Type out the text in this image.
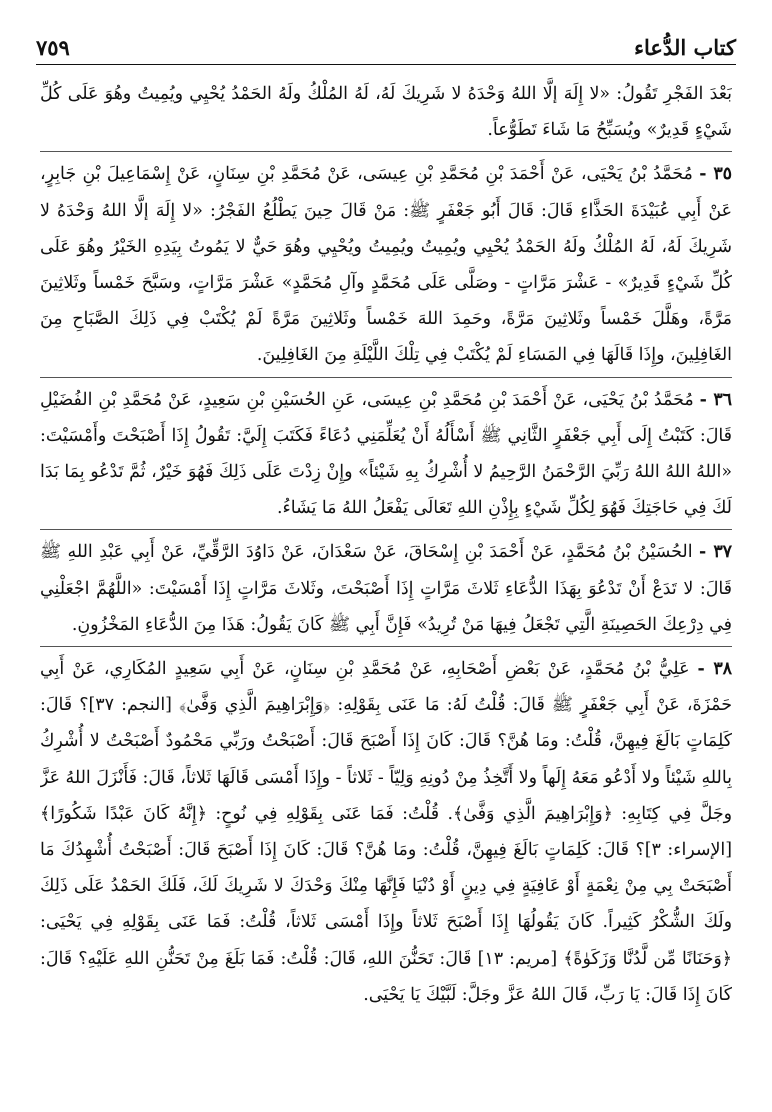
كتاب الدُّعاء
٧٥٩

بَعْدَ الفَجْرِ تَقُولُ: «لا إِلَهَ إلَّا اللهُ وَحْدَهُ لا شَرِيكَ لَهُ، لَهُ المُلْكُ ولَهُ الحَمْدُ يُحْيِي ويُمِيتُ وهُوَ عَلَى كُلِّ شَيْءٍ قَدِيرٌ» ويُسَبِّحُ مَا شَاءَ تَطَوُّعاً.

٣٥ - مُحَمَّدُ بْنُ يَحْيَى، عَنْ أَحْمَدَ بْنِ مُحَمَّدِ بْنِ عِيسَى، عَنْ مُحَمَّدِ بْنِ سِنَانٍ، عَنْ إِسْمَاعِيلَ بْنِ جَابِرٍ، عَنْ أَبِي عُبَيْدَةَ الحَذَّاءِ قَالَ: قَالَ أَبُو جَعْفَرٍ ﷺ: مَنْ قَالَ حِينَ يَطْلُعُ الفَجْرُ: «لا إِلَهَ إلَّا اللهُ وَحْدَهُ لا شَرِيكَ لَهُ، لَهُ المُلْكُ ولَهُ الحَمْدُ يُحْيِي ويُمِيتُ ويُمِيتُ ويُحْيِي وهُوَ حَيٌّ لا يَمُوتُ بِيَدِهِ الخَيْرُ وهُوَ عَلَى كُلِّ شَيْءٍ قَدِيرٌ» - عَشْرَ مَرَّاتٍ - وصَلَّى عَلَى مُحَمَّدٍ وآلِ مُحَمَّدٍ» عَشْرَ مَرَّاتٍ، وسَبَّحَ خَمْساً وثَلاثِينَ مَرَّةً، وهَلَّلَ خَمْساً وثَلاثِينَ مَرَّةً، وحَمِدَ اللهَ خَمْساً وثَلاثِينَ مَرَّةً لَمْ يُكْتَبْ فِي ذَلِكَ الصَّبَاحِ مِنَ الغَافِلِينَ، وإِذَا قَالَهَا فِي المَسَاءِ لَمْ يُكْتَبْ فِي تِلْكَ اللَّيْلَةِ مِنَ الغَافِلِينَ.

٣٦ - مُحَمَّدُ بْنُ يَحْيَى، عَنْ أَحْمَدَ بْنِ مُحَمَّدِ بْنِ عِيسَى، عَنِ الحُسَيْنِ بْنِ سَعِيدٍ، عَنْ مُحَمَّدِ بْنِ الفُضَيْلِ قَالَ: كَتَبْتُ إِلَى أَبِي جَعْفَرٍ الثَّانِي ﷺ أَسْأَلُهُ أَنْ يُعَلِّمَنِي دُعَاءً فَكَتَبَ إِلَيَّ: تَقُولُ إِذَا أَصْبَحْتَ وأَمْسَيْتَ: «اللهُ اللهُ اللهُ رَبِّيَ الرَّحْمَنُ الرَّحِيمُ لا أُشْرِكُ بِهِ شَيْئاً» وإِنْ زِدْتَ عَلَى ذَلِكَ فَهُوَ خَيْرٌ، ثُمَّ تَدْعُو بِمَا بَدَا لَكَ فِي حَاجَتِكَ فَهُوَ لِكُلِّ شَيْءٍ بِإِذْنِ اللهِ تَعَالَى يَفْعَلُ اللهُ مَا يَشَاءُ.

٣٧ - الحُسَيْنُ بْنُ مُحَمَّدٍ، عَنْ أَحْمَدَ بْنِ إِسْحَاقَ، عَنْ سَعْدَانَ، عَنْ دَاوُدَ الرَّقِّيِّ، عَنْ أَبِي عَبْدِ اللهِ ﷺ قَالَ: لا تَدَعْ أَنْ تَدْعُوَ بِهَذَا الدُّعَاءِ ثَلاثَ مَرَّاتٍ إِذَا أَصْبَحْتَ، وثَلاثَ مَرَّاتٍ إِذَا أَمْسَيْتَ: «اللَّهُمَّ اجْعَلْنِي فِي دِرْعِكَ الحَصِينَةِ الَّتِي تَجْعَلُ فِيهَا مَنْ تُرِيدُ» فَإِنَّ أَبِي ﷺ كَانَ يَقُولُ: هَذَا مِنَ الدُّعَاءِ المَخْزُونِ.

٣٨ - عَلِيُّ بْنُ مُحَمَّدٍ، عَنْ بَعْضِ أَصْحَابِهِ، عَنْ مُحَمَّدِ بْنِ سِنَانٍ، عَنْ أَبِي سَعِيدٍ المُكَارِي، عَنْ أَبِي حَمْزَةَ، عَنْ أَبِي جَعْفَرٍ ﷺ قَالَ: قُلْتُ لَهُ: مَا عَنَى بِقَوْلِهِ: ﴿وَإِبْرَاهِيمَ الَّذِي وَفَّىٰ﴾ [النجم: ٣٧]؟ قَالَ: كَلِمَاتٍ بَالَغَ فِيهِنَّ، قُلْتُ: ومَا هُنَّ؟ قَالَ: كَانَ إِذَا أَصْبَحَ قَالَ: أَصْبَحْتُ ورَبِّي مَحْمُودٌ أَصْبَحْتُ لا أُشْرِكُ بِاللهِ شَيْئاً ولا أَدْعُو مَعَهُ إِلَهاً ولا أَتَّخِذُ مِنْ دُونِهِ وَلِيّاً - ثَلاثاً - وإِذَا أَمْسَى قَالَهَا ثَلاثاً، قَالَ: فَأَنْزَلَ اللهُ عَزَّ وجَلَّ فِي كِتَابِهِ: ﴿وَإِبْرَاهِيمَ الَّذِي وَفَّىٰ﴾. قُلْتُ: فَمَا عَنَى بِقَوْلِهِ فِي نُوحٍ: ﴿إِنَّهُ كَانَ عَبْدًا شَكُورًا﴾ [الإسراء: ٣]؟ قَالَ: كَلِمَاتٍ بَالَغَ فِيهِنَّ، قُلْتُ: ومَا هُنَّ؟ قَالَ: كَانَ إِذَا أَصْبَحَ قَالَ: أَصْبَحْتُ أُشْهِدُكَ مَا أَصْبَحَتْ بِي مِنْ نِعْمَةٍ أَوْ عَافِيَةٍ فِي دِينٍ أَوْ دُنْيَا فَإِنَّهَا مِنْكَ وَحْدَكَ لا شَرِيكَ لَكَ، فَلَكَ الحَمْدُ عَلَى ذَلِكَ ولَكَ الشُّكْرُ كَثِيراً. كَانَ يَقُولُهَا إِذَا أَصْبَحَ ثَلاثاً وإِذَا أَمْسَى ثَلاثاً، قُلْتُ: فَمَا عَنَى بِقَوْلِهِ فِي يَحْيَى: ﴿وَحَنَانًا مِّن لَّدُنَّا وَزَكَوٰةً﴾ [مريم: ١٣] قَالَ: تَحَنُّنَ اللهِ، قَالَ: قُلْتُ: فَمَا بَلَغَ مِنْ تَحَنُّنِ اللهِ عَلَيْهِ؟ قَالَ: كَانَ إِذَا قَالَ: يَا رَبِّ، قَالَ اللهُ عَزَّ وجَلَّ: لَبَّيْكَ يَا يَحْيَى.
